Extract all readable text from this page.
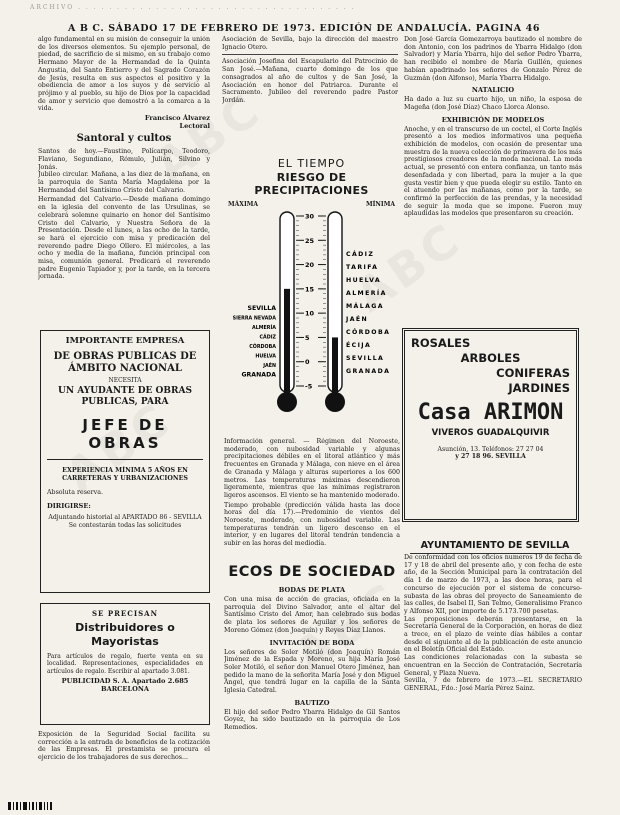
ARCHIVO . . . . . . . . . . . . . . . . . . . . . . . . . . . . . . . . . . . .
A B C. SÁBADO 17 DE FEBRERO DE 1973. EDICIÓN DE ANDALUCÍA. PAGINA 46

algo fundamental en su misión de conseguir la unión de los diversos elementos. Su ejemplo personal, de piedad, de sacrificio de si mismo, en su trabajo como Hermano Mayor de la Hermandad de la Quinta Angustia, del Santo Entierro y del Sagrado Corazón de Jesús, resulta en sus aspectos el positivo y la obediencia de amor a los suyos y de servicio al prójimo y al pueblo, su hijo de Dios por la capacidad de amor y servicio que demostró a la comarca a la vida.

Francisco Álvarez
Lectoral
Santoral y cultos

Santos de hoy.—Faustino, Polícarpo, Teodoro, Flaviano, Segundiano, Rómulo, Julián, Silvino y Jonás.
Jubileo circular. Mañana, a las diez de la mañana, en la parroquia de Santa María Magdalena por la Hermandad del Santísimo Cristo del Calvario.

Hermandad del Calvario.—Desde mañana domingo en la iglesia del convento de las Ursulinas, se celebrará solemne quinario en honor del Santísimo Cristo del Calvario, y Nuestra Señora de la Presentación. Desde el lunes, a las ocho de la tarde, se hará el ejercicio con misa y predicación del reverendo padre Diego Ollero. El miércoles, a las ocho y media de la mañana, función principal con misa, comunión general. Predicará el reverendo padre Eugenio Tapiador y, por la tarde, en la tercera jornada.

IMPORTANTE EMPRESA
DE OBRAS PUBLICAS DE ÁMBITO NACIONAL
NECESITA
UN AYUDANTE DE OBRAS PUBLICAS, PARA
JEFE DE OBRAS
EXPERIENCIA MÍNIMA 5 AÑOS EN CARRETERAS Y URBANIZACIONES
Absoluta reserva.
DIRIGIRSE:
Adjuntando historial al APARTADO 86 - SEVILLA Se contestarán todas las solicitudes
SE PRECISAN
Distribuidores o Mayoristas
Para artículos de regalo, fuerte venta en su localidad. Representaciones, especialidades en artículos de regalo. Escribir al apartado 3.081.
PUBLICIDAD S. A. Apartado 2.685 BARCELONA
Exposición de la Seguridad Social facilita su corrección a la entrada de beneficios de la cotización de las Empresas. El prestamista se procura el ejercicio de los trabajadores de sus derechos...

Asociación de Sevilla, bajo la dirección del maestro Ignacio Otero.

Asociación Josefina del Escapulario del Patrocinio de San José.—Mañana, cuarto domingo de los que consagrados al año de cultos y de San José, la Asociación en honor del Patriarca. Durante el Sacramento. Jubileo del reverendo padre Pastor Jordán.

EL TIEMPO
RIESGO DE PRECIPITACIONES
MÁXIMA	MÍNIMA
30
25
20
15
10
5
0
-5
SEVILLA
SIERRA NEVADA
ALMERÍA
CÁDIZ
CÓRDOBA
HUELVA
JAÉN
GRANADA
CÁDIZ
TARIFA
HUELVA
ALMERÍA
MÁLAGA
JAÉN
CÓRDOBA
ÉCIJA
SEVILLA
GRANADA

Información general. — Régimen del Noroeste, moderado, con nubosidad variable y algunas precipitaciones débiles en el litoral atlántico y más frecuentes en Granada y Málaga, con nieve en el área de Granada y Málaga y alturas superiores a los 600 metros. Las temperaturas máximas descendieron ligeramente, mientras que las mínimas registraron ligeros ascensos. El viento se ha mantenido moderado.

Tiempo probable (predicción válida hasta las doce horas del día 17).—Predominio de vientos del Noroeste, moderado, con nubosidad variable. Las temperaturas tendrán un ligero descenso en el interior, y en lugares del litoral tendrán tendencia a subir en las horas del mediodía.

ECOS DE SOCIEDAD
BODAS DE PLATA

Con una misa de acción de gracias, oficiada en la parroquia del Divino Salvador, ante el altar del Santísimo Cristo del Amor, han celebrado sus bodas de plata los señores de Aguilar y los señores de Moreno Gómez (don Joaquín) y Reyes Díaz Llanos.

INVITACIÓN DE BODA

Los señores de Soler Motiló (don Joaquín) Román Jiménez de la Espada y Moreno, su hija María José Soler Motiló, el señor don Manuel Otero Jiménez, han pedido la mano de la señorita María José y don Miguel Ángel, que tendrá lugar en la capilla de la Santa Iglesia Catedral.

BAUTIZO

El hijo del señor Pedro Ybarra Hidalgo de Gil Santos Goyez, ha sido bautizado en la parroquia de Los Remedios.

Don José García Gomezarroya bautizado el nombre de don Antonio, con los padrinos de Ybarra Hidalgo (don Salvador) y María Ybarra, hijo del señor Pedro Ybarra, han recibido el nombre de María Guillén, quienes habían apadrinado los señores de Gonzalo Pérez de Guzmán (don Alfonso), María Ybarra Hidalgo.

NATALICIO

Ha dado a luz su cuarto hijo, un niño, la esposa de Mageña (don José Díaz) Chaco Llorca Alonso.

EXHIBICIÓN DE MODELOS

Anoche, y en el transcurso de un coctel, el Corte Inglés presentó a los medios informativos una pequeña exhibición de modelos, con ocasión de presentar una muestra de la nueva colección de primavera de los más prestigiosos creadores de la moda nacional. La moda actual, se presentó con entera confianza, un tanto más desenfadada y con libertad, para la mujer a la que gusta vestir bien y que pueda elegir su estilo. Tanto en el atuendo por las mañanas, como por la tarde, se confirmó la perfección de las prendas, y la necesidad de seguir la moda que se impone. Fueron muy aplaudidas las modelos que presentaron su creación.

ROSALES
ARBOLES
CONIFERAS
JARDINES
Casa ARIMON
VIVEROS GUADALQUIVIR
Asunción, 13. Teléfonos: 27 27 04
y 27 18 96. SEVILLA
AYUNTAMIENTO DE SEVILLA
De conformidad con los oficios numeros 19 de fecha de 17 y 18 de abril del presente año, y con fecha de este año, de la Sección Municipal para la contratación del día 1 de marzo de 1973, a las doce horas, para el concurso de ejecución por el sistema de concurso-subasta de las obras del proyecto de Saneamiento de las calles, de Isabel II, San Telmo, Generalísimo Franco y Alfonso XII, por importe de 5.173.700 pesetas.
Las proposiciones deberán presentarse, en la Secretaría General de la Corporación, en horas de diez a trece, en el plazo de veinte días hábiles a contar desde el siguiente al de la publicación de este anuncio en el Boletín Oficial del Estado.
Las condiciones relacionadas con la subasta se encuentran en la Sección de Contratación, Secretaría General, y Plaza Nueva.
Sevilla, 7 de febrero de 1973.—EL SECRETARIO GENERAL, Fdo.: José María Pérez Sainz.
